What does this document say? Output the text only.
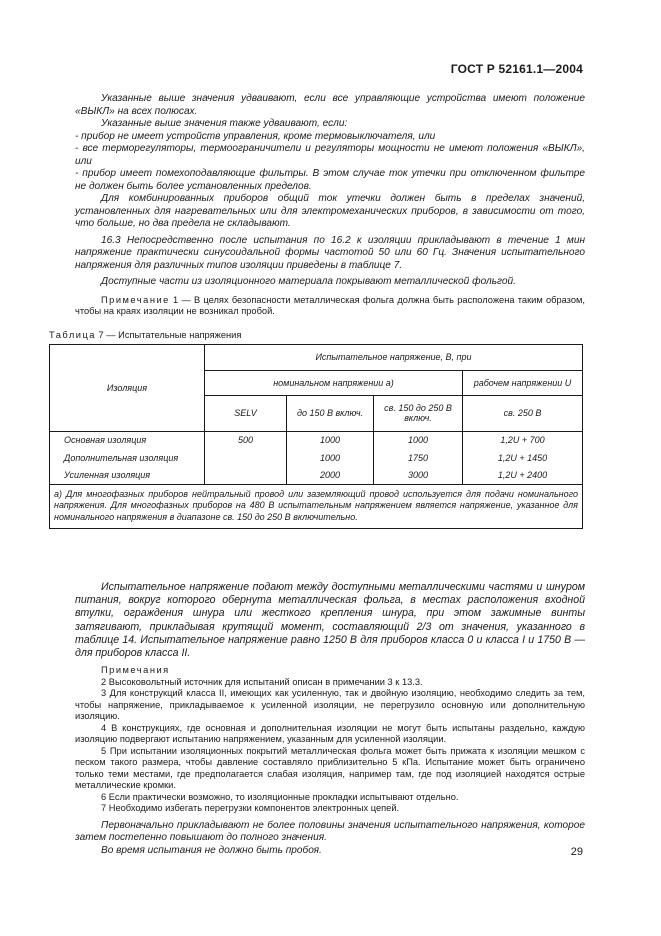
ГОСТ Р 52161.1—2004

Указанные выше значения удваивают, если все управляющие устройства имеют положение «ВЫКЛ» на всех полюсах.

Указанные выше значения также удваивают, если:

- прибор не имеет устройств управления, кроме термовыключателя, или

- все терморегуляторы, термоограничители и регуляторы мощности не имеют положения «ВЫКЛ», или

- прибор имеет помехоподавляющие фильтры. В этом случае ток утечки при отключенном фильтре не должен быть более установленных пределов.

Для комбинированных приборов общий ток утечки должен быть в пределах значений, установленных для нагревательных или для электромеханических приборов, в зависимости от того, что больше, но два предела не складывают.

16.3 Непосредственно после испытания по 16.2 к изоляции прикладывают в течение 1 мин напряжение практически синусоидальной формы частотой 50 или 60 Гц. Значения испытательного напряжения для различных типов изоляции приведены в таблице 7.

Доступные части из изоляционного материала покрывают металлической фольгой.

Примечание 1 — В целях безопасности металлическая фольга должна быть расположена таким образом, чтобы на краях изоляции не возникал пробой.

Таблица 7 — Испытательные напряжения
Изоляция	Испытательное напряжение, В, при			
	номинальном напряжении а)			рабочем напряжении U
	SELV	до 150 В включ.	св. 150 до 250 В включ.	св. 250 В
Основная изоляция	500	1000	1000	1,2U + 700
Дополнительная изоляция		1000	1750	1,2U + 1450
Усиленная изоляция		2000	3000	1,2U + 2400
а) Для многофазных приборов нейтральный провод или заземляющий провод используется для подачи номинального напряжения. Для многофазных приборов на 480 В испытательным напряжением является напряжение, указанное для номинального напряжения в диапазоне св. 150 до 250 В включительно.				

Испытательное напряжение подают между доступными металлическими частями и шнуром питания, вокруг которого обернута металлическая фольга, в местах расположения входной втулки, ограждения шнура или жесткого крепления шнура, при этом зажимные винты затягивают, прикладывая крутящий момент, составляющий 2/3 от значения, указанного в таблице 14. Испытательное напряжение равно 1250 В для приборов класса 0 и класса I и 1750 В — для приборов класса II.

Примечания

2 Высоковольтный источник для испытаний описан в примечании 3 к 13.3.

3 Для конструкций класса II, имеющих как усиленную, так и двойную изоляцию, необходимо следить за тем, чтобы напряжение, прикладываемое к усиленной изоляции, не перегрузило основную или дополнительную изоляцию.

4 В конструкциях, где основная и дополнительная изоляции не могут быть испытаны раздельно, каждую изоляцию подвергают испытанию напряжением, указанным для усиленной изоляции.

5 При испытании изоляционных покрытий металлическая фольга может быть прижата к изоляции мешком с песком такого размера, чтобы давление составляло приблизительно 5 кПа. Испытание может быть ограничено только теми местами, где предполагается слабая изоляция, например там, где под изоляцией находятся острые металлические кромки.

6 Если практически возможно, то изоляционные прокладки испытывают отдельно.

7 Необходимо избегать перегрузки компонентов электронных цепей.

Первоначально прикладывают не более половины значения испытательного напряжения, которое затем постепенно повышают до полного значения.

Во время испытания не должно быть пробоя.	29
